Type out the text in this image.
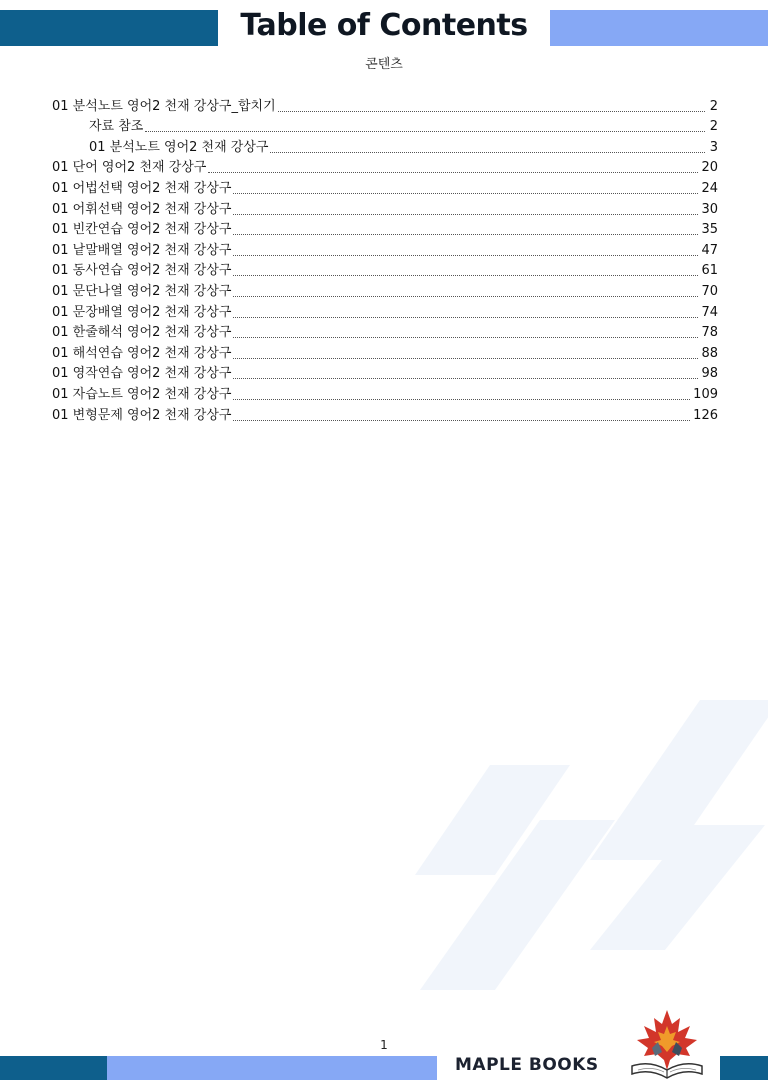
Table of Contents
콘텐츠
01 분석노트 영어2 천재 강상구_합치기	2
자료 참조	2
01 분석노트 영어2 천재 강상구	3
01 단어 영어2 천재 강상구	20
01 어법선택 영어2 천재 강상구	24
01 어휘선택 영어2 천재 강상구	30
01 빈칸연습 영어2 천재 강상구	35
01 낱말배열 영어2 천재 강상구	47
01 동사연습 영어2 천재 강상구	61
01 문단나열 영어2 천재 강상구	70
01 문장배열 영어2 천재 강상구	74
01 한줄해석 영어2 천재 강상구	78
01 해석연습 영어2 천재 강상구	88
01 영작연습 영어2 천재 강상구	98
01 자습노트 영어2 천재 강상구	109
01 변형문제 영어2 천재 강상구	126
1
MAPLE BOOKS
